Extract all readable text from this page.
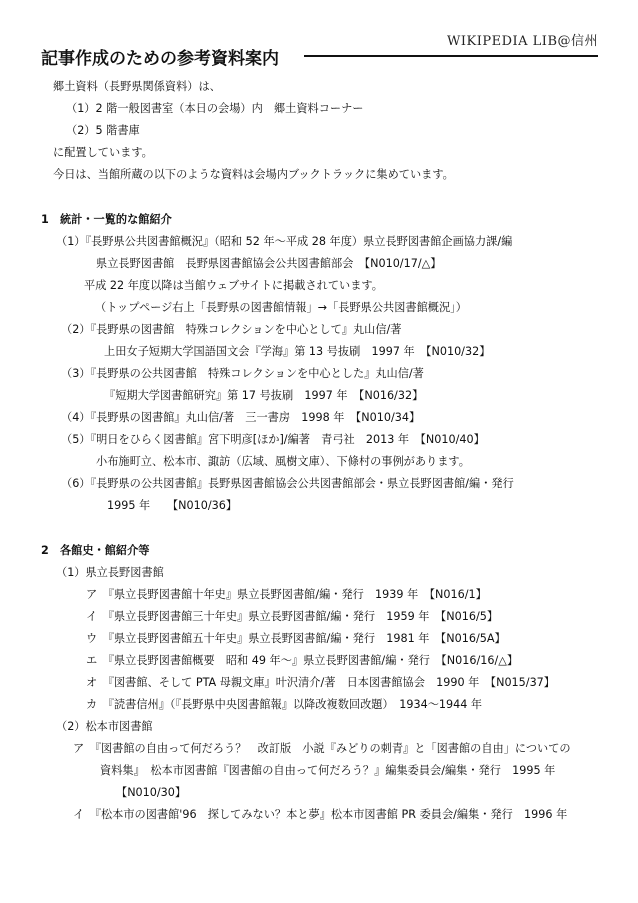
WIKIPEDIA LIB@信州
記事作成のための参考資料案内
郷土資料（長野県関係資料）は、
（1）2 階一般図書室（本日の会場）内　郷土資料コーナー
（2）5 階書庫
に配置しています。
今日は、当館所蔵の以下のような資料は会場内ブックトラックに集めています。
1　統計・一覧的な館紹介
（1）『長野県公共図書館概況』（昭和 52 年～平成 28 年度）県立長野図書館企画協力課/編
県立長野図書館　長野県図書館協会公共図書館部会　【N010/17/△】
平成 22 年度以降は当館ウェブサイトに掲載されています。
（トップページ右上「長野県の図書館情報」→「長野県公共図書館概況」）
（2）『長野県の図書館　特殊コレクションを中心として』丸山信/著
上田女子短期大学国語国文会『学海』第 13 号抜刷　1997 年　【N010/32】
（3）『長野県の公共図書館　特殊コレクションを中心とした』丸山信/著
『短期大学図書館研究』第 17 号抜刷　1997 年　【N016/32】
（4）『長野県の図書館』丸山信/著　三一書房　1998 年　【N010/34】
（5）『明日をひらく図書館』宮下明彦[ほか]/編著　青弓社　2013 年　【N010/40】
小布施町立、松本市、諏訪（広域、風樹文庫）、下條村の事例があります。
（6）『長野県の公共図書館』長野県図書館協会公共図書館部会・県立長野図書館/編・発行
1995 年　　【N010/36】
2　各館史・館紹介等
（1）県立長野図書館
ア　『県立長野図書館十年史』県立長野図書館/編・発行　1939 年　【N016/1】
イ　『県立長野図書館三十年史』県立長野図書館/編・発行　1959 年　【N016/5】
ウ　『県立長野図書館五十年史』県立長野図書館/編・発行　1981 年　【N016/5A】
エ　『県立長野図書館概要　昭和 49 年～』県立長野図書館/編・発行　【N016/16/△】
オ　『図書館、そして PTA 母親文庫』叶沢清介/著　日本図書館協会　1990 年　【N015/37】
カ　『読書信州』（『長野県中央図書館報』以降改複数回改題）　1934～1944 年
（2）松本市図書館
ア　『図書館の自由って何だろう？　改訂版　小説『みどりの刺青』と「図書館の自由」についての
資料集』　松本市図書館『図書館の自由って何だろう？』編集委員会/編集・発行　1995 年
【N010/30】
イ　『松本市の図書館'96　探してみない？本と夢』松本市図書館 PR 委員会/編集・発行　1996 年
